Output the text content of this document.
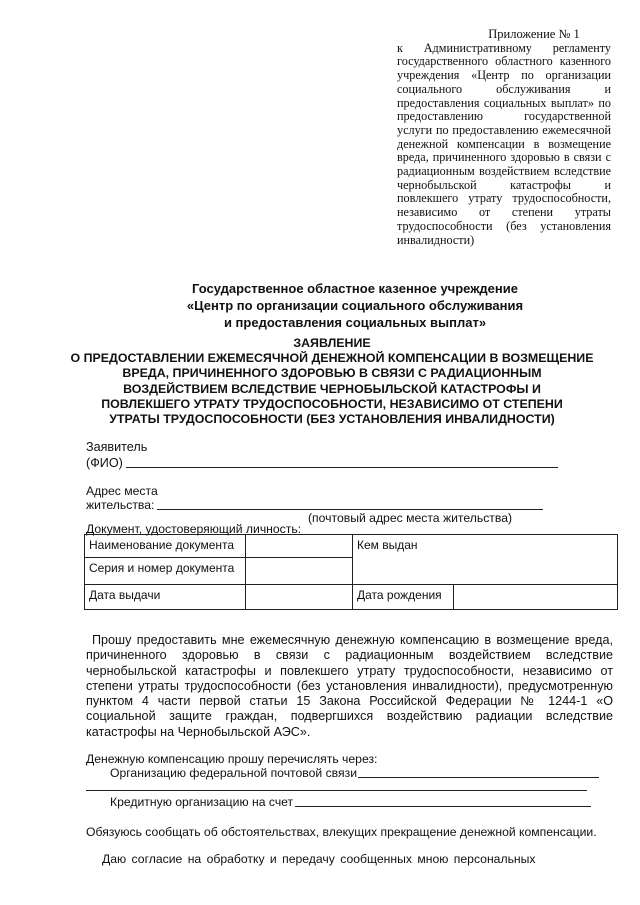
Приложение № 1
к Административному регламенту государственного областного казенного учреждения «Центр по организации социального обслуживания и предоставления социальных выплат» по предоставлению государственной услуги по предоставлению ежемесячной денежной компенсации в возмещение вреда, причиненного здоровью в связи с радиационным воздействием вследствие чернобыльской катастрофы и повлекшего утрату трудоспособности, независимо от степени утраты трудоспособности (без установления инвалидности)
Государственное областное казенное учреждение
«Центр по организации социального обслуживания
и предоставления социальных выплат»
ЗАЯВЛЕНИЕ
О ПРЕДОСТАВЛЕНИИ ЕЖЕМЕСЯЧНОЙ ДЕНЕЖНОЙ КОМПЕНСАЦИИ В ВОЗМЕЩЕНИЕ
ВРЕДА, ПРИЧИНЕННОГО ЗДОРОВЬЮ В СВЯЗИ С РАДИАЦИОННЫМ
ВОЗДЕЙСТВИЕМ ВСЛЕДСТВИЕ ЧЕРНОБЫЛЬСКОЙ КАТАСТРОФЫ И
ПОВЛЕКШЕГО УТРАТУ ТРУДОСПОСОБНОСТИ, НЕЗАВИСИМО ОТ СТЕПЕНИ
УТРАТЫ ТРУДОСПОСОБНОСТИ (БЕЗ УСТАНОВЛЕНИЯ ИНВАЛИДНОСТИ)
Заявитель
(ФИО)
Адрес места
жительства:
(почтовый адрес места жительства)
Документ, удостоверяющий личность:
Наименование документа		Кем выдан	
Серия и номер документа			
Дата выдачи		Дата рождения	
Прошу предоставить мне ежемесячную денежную компенсацию в возмещение вреда, причиненного здоровью в связи с радиационным воздействием вследствие чернобыльской катастрофы и повлекшего утрату трудоспособности, независимо от степени утраты трудоспособности (без установления инвалидности), предусмотренную пунктом 4 части первой статьи 15 Закона Российской Федерации № 1244-1 «О социальной защите граждан, подвергшихся воздействию радиации вследствие катастрофы на Чернобыльской АЭС».
Денежную компенсацию прошу перечислять через:
Организацию федеральной почтовой связи
Кредитную организацию на счет
Обязуюсь сообщать об обстоятельствах, влекущих прекращение денежной компенсации.
Даю согласие на обработку и передачу сообщенных мною персональных
